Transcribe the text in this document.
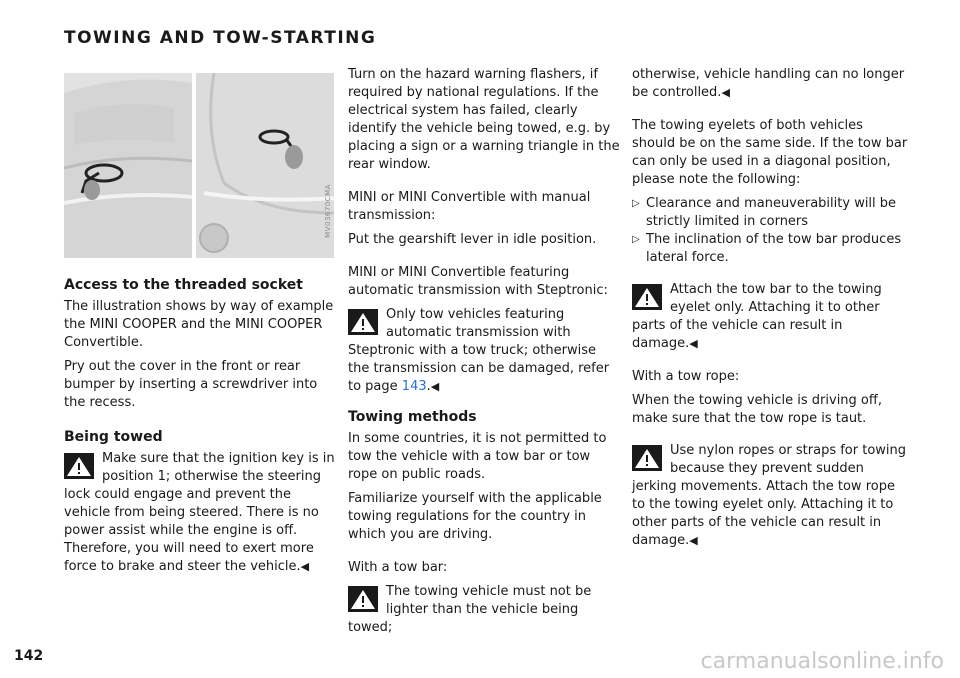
TOWING AND TOW-STARTING
MV03670CMA
Access to the threaded socket

The illustration shows by way of example the MINI COOPER and the MINI COOPER Convertible.

Pry out the cover in the front or rear bumper by inserting a screwdriver into the recess.

Being towed
Make sure that the ignition key is in position 1; otherwise the steering lock could engage and prevent the vehicle from being steered. There is no power assist while the engine is off. Therefore, you will need to exert more force to brake and steer the vehicle.◀

Turn on the hazard warning flashers, if required by national regulations. If the electrical system has failed, clearly identify the vehicle being towed, e.g. by placing a sign or a warning triangle in the rear window.

MINI or MINI Convertible with manual transmission:

Put the gearshift lever in idle position.

MINI or MINI Convertible featuring automatic transmission with Steptronic:

Only tow vehicles featuring automatic transmission with Steptronic with a tow truck; otherwise the transmission can be damaged, refer to page 143.◀
Towing methods

In some countries, it is not permitted to tow the vehicle with a tow bar or tow rope on public roads.

Familiarize yourself with the applicable towing regulations for the country in which you are driving.

With a tow bar:

The towing vehicle must not be lighter than the vehicle being towed;

otherwise, vehicle handling can no longer be controlled.◀

The towing eyelets of both vehicles should be on the same side. If the tow bar can only be used in a diagonal position, please note the following:

▷ Clearance and maneuverability will be strictly limited in corners
▷ The inclination of the tow bar produces lateral force.
Attach the tow bar to the towing eyelet only. Attaching it to other parts of the vehicle can result in damage.◀

With a tow rope:

When the towing vehicle is driving off, make sure that the tow rope is taut.

Use nylon ropes or straps for towing because they prevent sudden jerking movements. Attach the tow rope to the towing eyelet only. Attaching it to other parts of the vehicle can result in damage.◀
142	carmanualsonline.info
